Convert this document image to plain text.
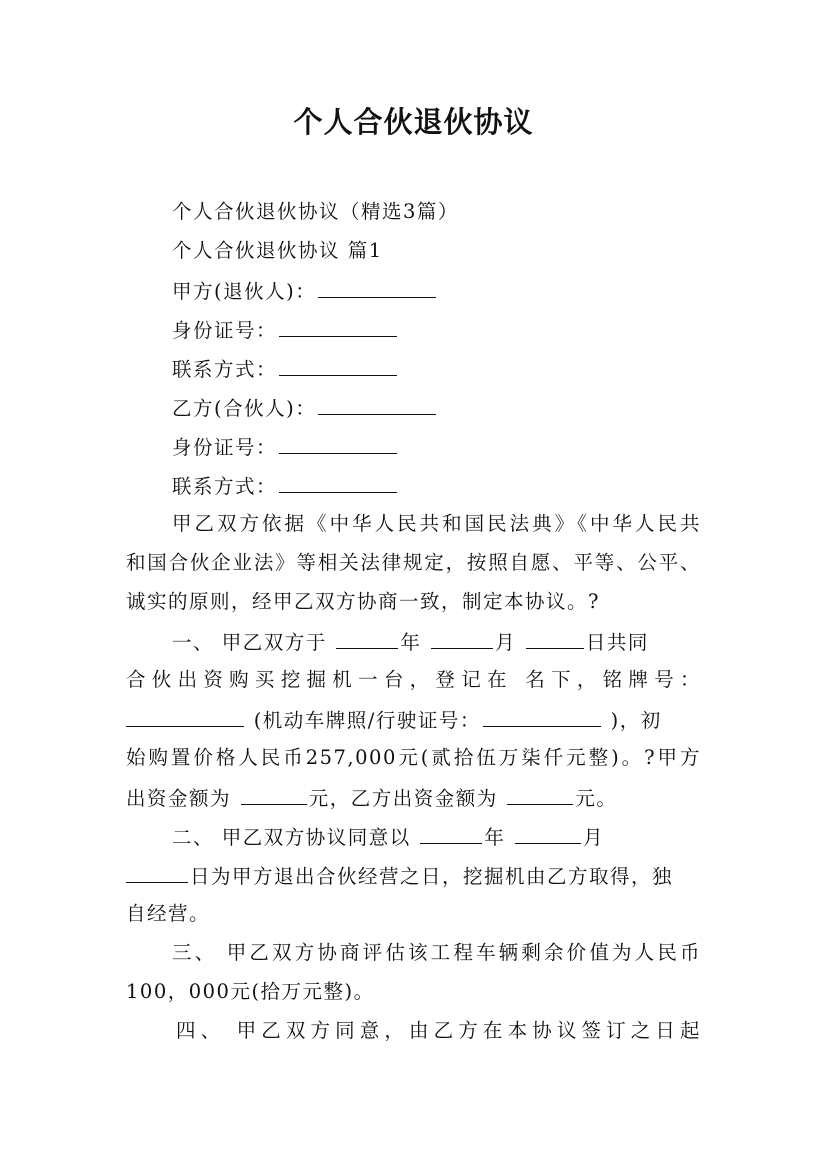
个人合伙退伙协议
个人合伙退伙协议（精选3篇）
个人合伙退伙协议 篇1
甲方(退伙人)：
身份证号：
联系方式：
乙方(合伙人)：
身份证号：
联系方式：
甲乙双方依据《中华人民共和国民法典》《中华人民共
和国合伙企业法》等相关法律规定，按照自愿、平等、公平、
诚实的原则，经甲乙双方协商一致，制定本协议。?
一、 甲乙双方于	年	月	日共同
合伙出资购买挖掘机一台，登记在 名下，铭牌号：
(机动车牌照/行驶证号：	)，初
始购置价格人民币257,000元(贰拾伍万柒仟元整)。?甲方
出资金额为	元，乙方出资金额为	元。
二、 甲乙双方协议同意以	年	月
日为甲方退出合伙经营之日，挖掘机由乙方取得，独
自经营。
三、 甲乙双方协商评估该工程车辆剩余价值为人民币
100，000元(拾万元整)。
四、 甲乙双方同意，由乙方在本协议签订之日起
